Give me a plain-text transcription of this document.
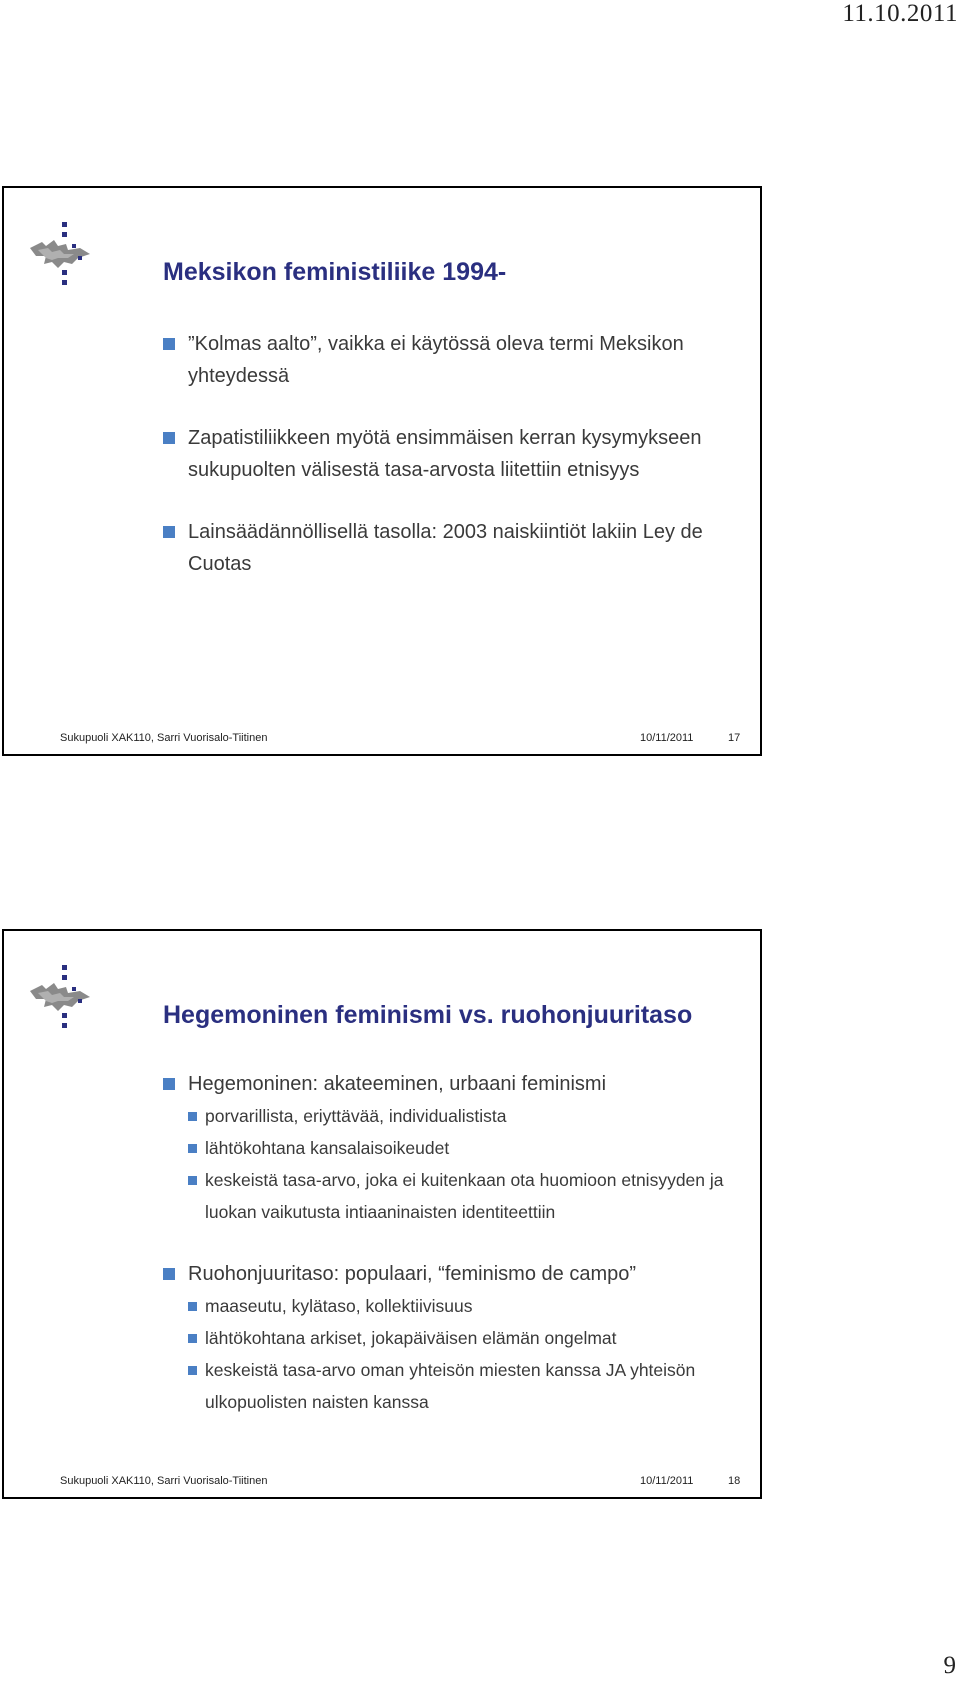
11.10.2011
Meksikon feministiliike 1994-
”Kolmas aalto”, vaikka ei käytössä oleva termi Meksikon yhteydessä
Zapatistiliikkeen myötä ensimmäisen kerran kysymykseen sukupuolten välisestä tasa-arvosta liitettiin etnisyys
Lainsäädännöllisellä tasolla: 2003 naiskiintiöt lakiin Ley de Cuotas
Sukupuoli XAK110, Sarri Vuorisalo-Tiitinen	10/11/2011	17
Hegemoninen feminismi vs. ruohonjuuritaso
Hegemoninen: akateeminen, urbaani feminismi
porvarillista, eriyttävää, individualistista
lähtökohtana kansalaisoikeudet
keskeistä tasa-arvo, joka ei kuitenkaan ota huomioon etnisyyden ja luokan vaikutusta intiaaninaisten identiteettiin
Ruohonjuuritaso: populaari, “feminismo de campo”
maaseutu, kylätaso, kollektiivisuus
lähtökohtana arkiset, jokapäiväisen elämän ongelmat
keskeistä tasa-arvo oman yhteisön miesten kanssa JA yhteisön ulkopuolisten naisten kanssa
Sukupuoli XAK110, Sarri Vuorisalo-Tiitinen	10/11/2011	18
9
